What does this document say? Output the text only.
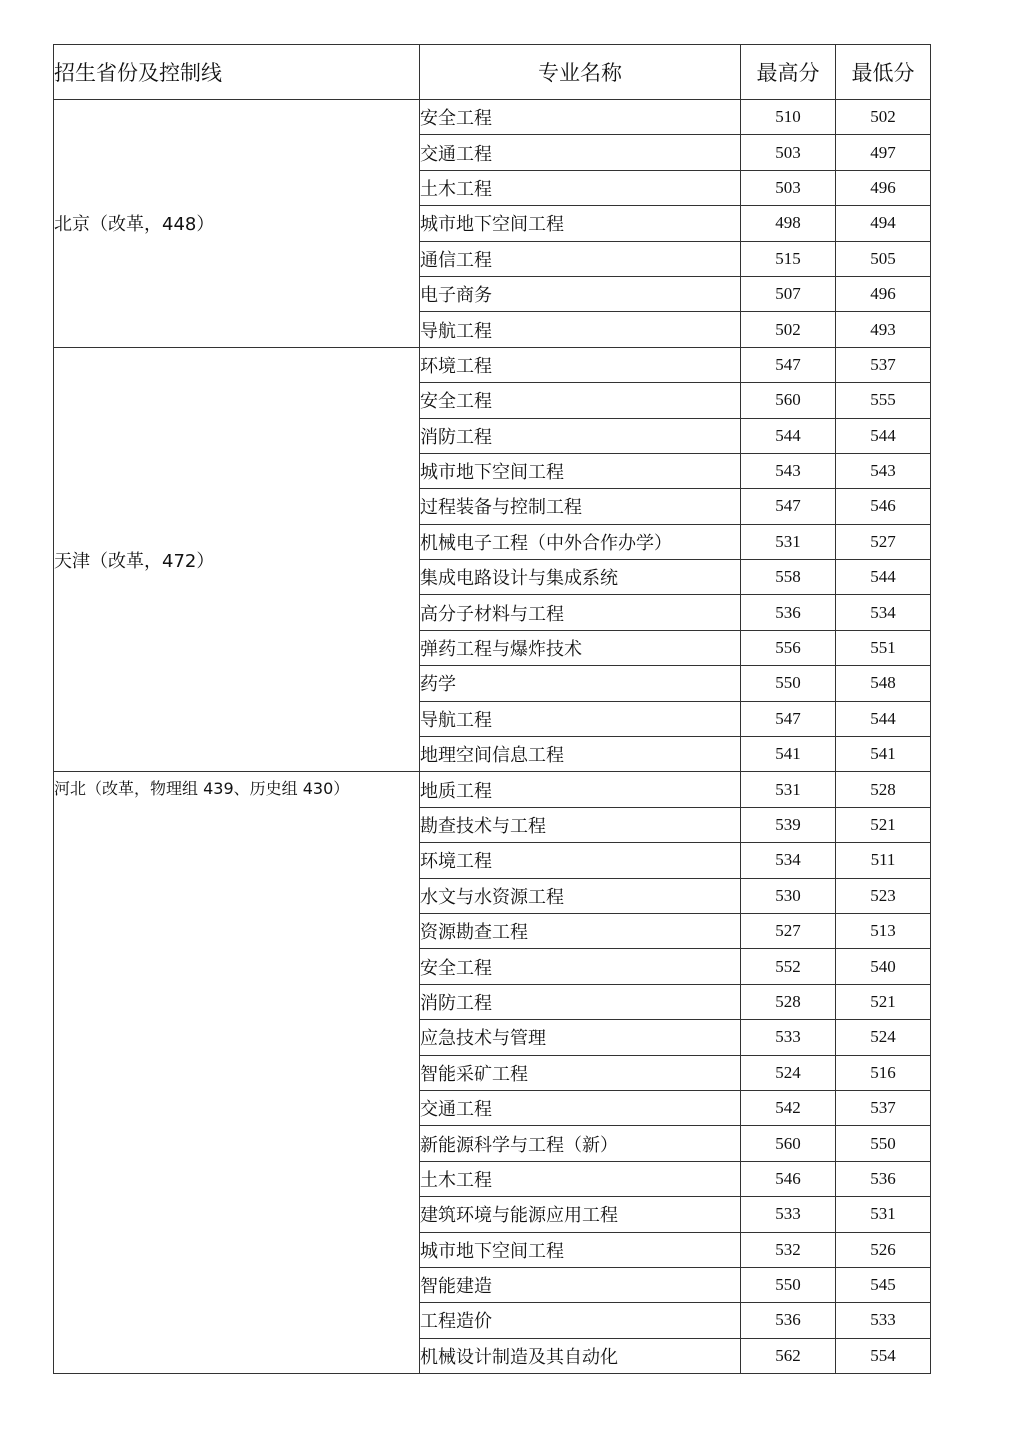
招生省份及控制线	专业名称	最高分	最低分
北京（改革，448）	安全工程	510	502
	交通工程	503	497
	土木工程	503	496
	城市地下空间工程	498	494
	通信工程	515	505
	电子商务	507	496
	导航工程	502	493
天津（改革，472）	环境工程	547	537
	安全工程	560	555
	消防工程	544	544
	城市地下空间工程	543	543
	过程装备与控制工程	547	546
	机械电子工程（中外合作办学）	531	527
	集成电路设计与集成系统	558	544
	高分子材料与工程	536	534
	弹药工程与爆炸技术	556	551
	药学	550	548
	导航工程	547	544
	地理空间信息工程	541	541
河北（改革，物理组 439、历史组 430）	地质工程	531	528
	勘查技术与工程	539	521
	环境工程	534	511
	水文与水资源工程	530	523
	资源勘查工程	527	513
	安全工程	552	540
	消防工程	528	521
	应急技术与管理	533	524
	智能采矿工程	524	516
	交通工程	542	537
	新能源科学与工程（新）	560	550
	土木工程	546	536
	建筑环境与能源应用工程	533	531
	城市地下空间工程	532	526
	智能建造	550	545
	工程造价	536	533
	机械设计制造及其自动化	562	554
